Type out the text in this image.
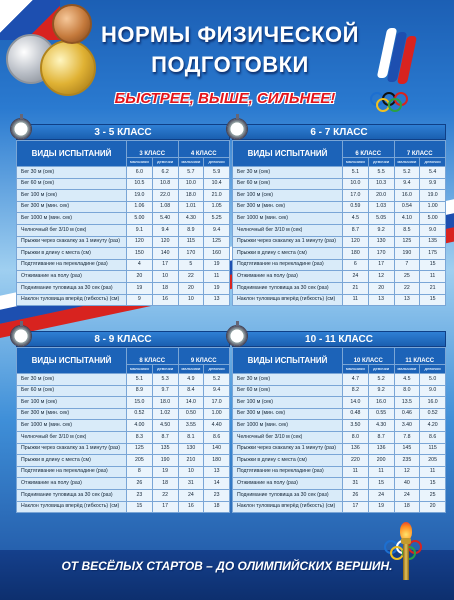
НОРМЫ ФИЗИЧЕСКОЙ
ПОДГОТОВКИ
БЫСТРЕЕ, ВЫШЕ, СИЛЬНЕЕ!
3 - 5 КЛАСС
ВИДЫ ИСПЫТАНИЙ	3 КЛАСС		4 КЛАСС	
	мальчики	девочки	мальчики	девочки
Бег 30 м (сек)	6.0	6.2	5.7	5.9
Бег 60 м (сек)	10.5	10.8	10.0	10.4
Бег 100 м (сек)	19.0	22.0	18.0	21.0
Бег 300 м (мин. сек)	1.06	1.08	1.01	1.05
Бег 1000 м (мин. сек)	5.00	5.40	4.30	5.25
Челночный бег 3/10 м (сек)	9.1	9.4	8.9	9.4
Прыжки через скакалку за 1 минуту (раз)	120	120	115	125
Прыжки в длину с места (см)	150	140	170	160
Подтягивание на перекладине (раз)	4	17	5	19
Отжимание на полу (раз)	20	10	22	11
Поднимание туловища за 30 сек (раз)	19	18	20	19
Наклон туловища вперёд (гибкость) (см)	9	16	10	13
6 - 7 КЛАСС
ВИДЫ ИСПЫТАНИЙ	6 КЛАСС		7 КЛАСС	
	мальчики	девочки	мальчики	девочки
Бег 30 м (сек)	5.1	5.5	5.2	5.4
Бег 60 м (сек)	10.0	10.3	9.4	9.9
Бег 100 м (сек)	17.0	20.0	16.0	19.0
Бег 300 м (мин. сек)	0.59	1.03	0.54	1.00
Бег 1000 м (мин. сек)	4.5	5.05	4.10	5.00
Челночный бег 3/10 м (сек)	8.7	9.2	8.5	9.0
Прыжки через скакалку за 1 минуту (раз)	120	130	125	135
Прыжки в длину с места (см)	180	170	190	175
Подтягивание на перекладине (раз)	6	17	7	15
Отжимание на полу (раз)	24	12	25	11
Поднимание туловища за 30 сек (раз)	21	20	22	21
Наклон туловища вперёд (гибкость) (см)	11	13	13	15
8 - 9 КЛАСС
ВИДЫ ИСПЫТАНИЙ	8 КЛАСС		9 КЛАСС	
	мальчики	девочки	мальчики	девочки
Бег 30 м (сек)	5.1	5.3	4.9	5.2
Бег 60 м (сек)	8.9	9.7	8.4	9.4
Бег 100 м (сек)	15.0	18.0	14.0	17.0
Бег 300 м (мин. сек)	0.52	1.02	0.50	1.00
Бег 1000 м (мин. сек)	4.00	4.50	3.55	4.40
Челночный бег 3/10 м (сек)	8.3	8.7	8.1	8.6
Прыжки через скакалку за 1 минуту (раз)	125	135	130	140
Прыжки в длину с места (см)	205	190	210	180
Подтягивание на перекладине (раз)	8	19	10	13
Отжимание на полу (раз)	26	18	31	14
Поднимание туловища за 30 сек (раз)	23	22	24	23
Наклон туловища вперёд (гибкость) (см)	15	17	16	18
10 - 11 КЛАСС
ВИДЫ ИСПЫТАНИЙ	10 КЛАСС		11 КЛАСС	
	мальчики	девочки	мальчики	девочки
Бег 30 м (сек)	4.7	5.2	4.5	5.0
Бег 60 м (сек)	8.2	9.2	8.0	9.0
Бег 100 м (сек)	14.0	16.0	13.5	16.0
Бег 300 м (мин. сек)	0.48	0.55	0.46	0.52
Бег 1000 м (мин. сек)	3.50	4.30	3.40	4.20
Челночный бег 3/10 м (сек)	8.0	8.7	7.8	8.6
Прыжки через скакалку за 1 минуту (раз)	136	136	145	115
Прыжки в длину с места (см)	220	200	235	205
Подтягивание на перекладине (раз)	11	11	12	11
Отжимание на полу (раз)	31	15	40	15
Поднимание туловища за 30 сек (раз)	26	24	24	25
Наклон туловища вперёд (гибкость) (см)	17	19	18	20
ОТ ВЕСЁЛЫХ СТАРТОВ – ДО ОЛИМПИЙСКИХ ВЕРШИН.
